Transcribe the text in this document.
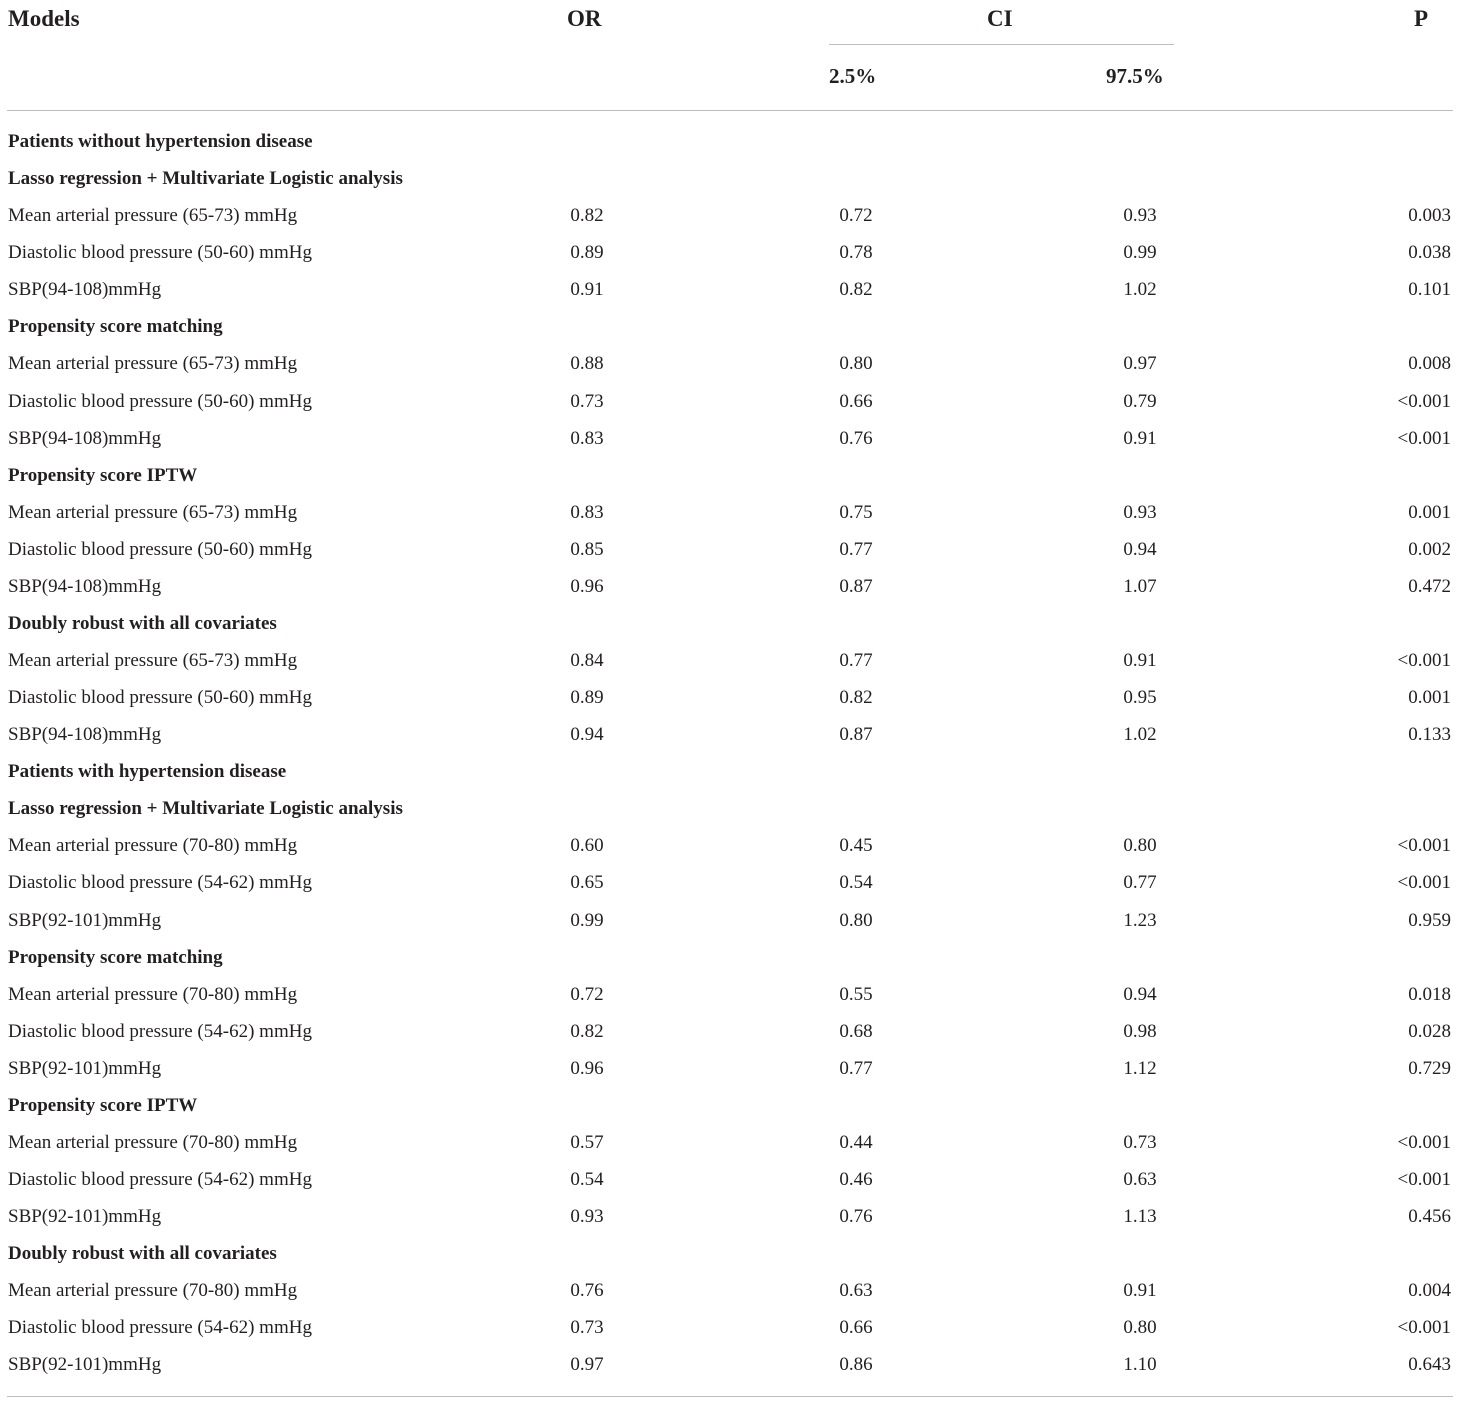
Models	OR	CI	P
2.5%	97.5%
Patients without hypertension disease
Lasso regression + Multivariate Logistic analysis
Mean arterial pressure (65-73) mmHg	0.82	0.72	0.93	0.003
Diastolic blood pressure (50-60) mmHg	0.89	0.78	0.99	0.038
SBP(94-108)mmHg	0.91	0.82	1.02	0.101
Propensity score matching
Mean arterial pressure (65-73) mmHg	0.88	0.80	0.97	0.008
Diastolic blood pressure (50-60) mmHg	0.73	0.66	0.79	<0.001
SBP(94-108)mmHg	0.83	0.76	0.91	<0.001
Propensity score IPTW
Mean arterial pressure (65-73) mmHg	0.83	0.75	0.93	0.001
Diastolic blood pressure (50-60) mmHg	0.85	0.77	0.94	0.002
SBP(94-108)mmHg	0.96	0.87	1.07	0.472
Doubly robust with all covariates
Mean arterial pressure (65-73) mmHg	0.84	0.77	0.91	<0.001
Diastolic blood pressure (50-60) mmHg	0.89	0.82	0.95	0.001
SBP(94-108)mmHg	0.94	0.87	1.02	0.133
Patients with hypertension disease
Lasso regression + Multivariate Logistic analysis
Mean arterial pressure (70-80) mmHg	0.60	0.45	0.80	<0.001
Diastolic blood pressure (54-62) mmHg	0.65	0.54	0.77	<0.001
SBP(92-101)mmHg	0.99	0.80	1.23	0.959
Propensity score matching
Mean arterial pressure (70-80) mmHg	0.72	0.55	0.94	0.018
Diastolic blood pressure (54-62) mmHg	0.82	0.68	0.98	0.028
SBP(92-101)mmHg	0.96	0.77	1.12	0.729
Propensity score IPTW
Mean arterial pressure (70-80) mmHg	0.57	0.44	0.73	<0.001
Diastolic blood pressure (54-62) mmHg	0.54	0.46	0.63	<0.001
SBP(92-101)mmHg	0.93	0.76	1.13	0.456
Doubly robust with all covariates
Mean arterial pressure (70-80) mmHg	0.76	0.63	0.91	0.004
Diastolic blood pressure (54-62) mmHg	0.73	0.66	0.80	<0.001
SBP(92-101)mmHg	0.97	0.86	1.10	0.643
